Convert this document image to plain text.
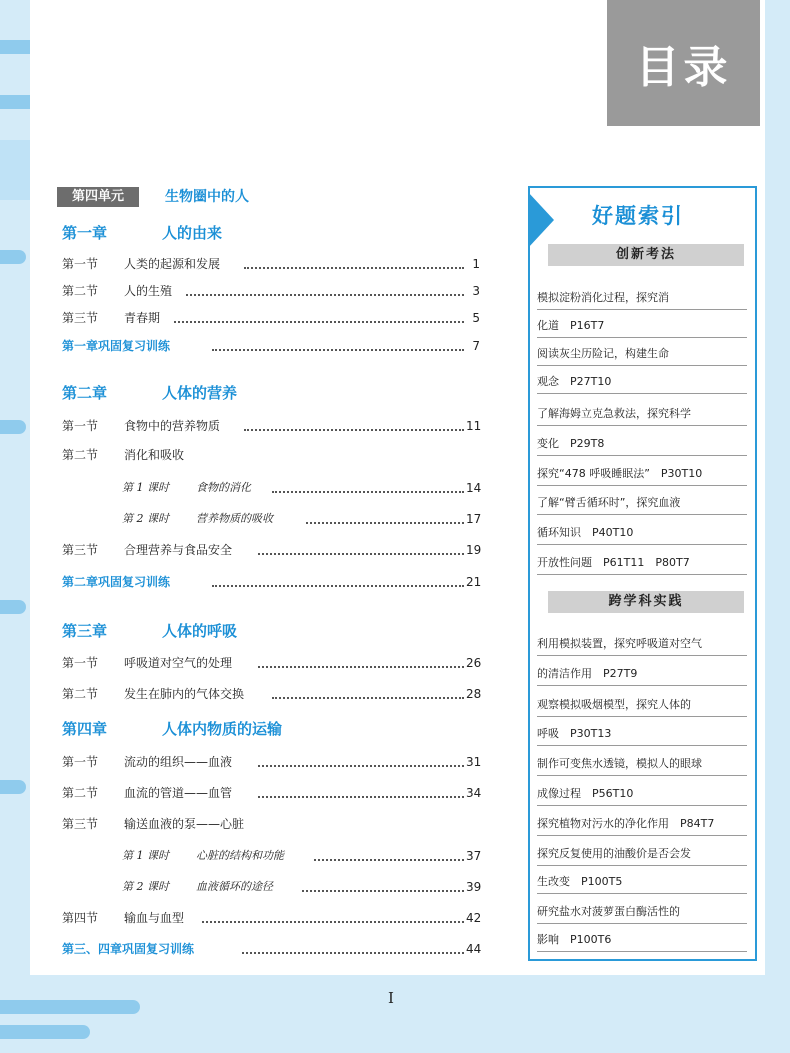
目录
第四单元	生物圈中的人
第一章	人的由来
第一节 人类的起源和发展	1
第二节 人的生殖	3
第三节 青春期	5
第一章巩固复习训练	7
第二章	人体的营养
第一节 食物中的营养物质	11
第二节 消化和吸收
第 1 课时 食物的消化	14
第 2 课时 营养物质的吸收	17
第三节 合理营养与食品安全	19
第二章巩固复习训练	21
第三章	人体的呼吸
第一节 呼吸道对空气的处理	26
第二节 发生在肺内的气体交换	28
第四章	人体内物质的运输
第一节 流动的组织——血液	31
第二节 血流的管道——血管	34
第三节 输送血液的泵——心脏
第 1 课时 心脏的结构和功能	37
第 2 课时 血液循环的途径	39
第四节 输血与血型	42
第三、四章巩固复习训练	44
好题索引
创新考法
模拟淀粉消化过程，探究消
化道　P16T7
阅读灰尘历险记，构建生命
观念　P27T10
了解海姆立克急救法，探究科学
变化　P29T8
探究“478 呼吸睡眠法”　P30T10
了解“臂舌循环时”，探究血液
循环知识　P40T10
开放性问题　P61T11　P80T7
跨学科实践
利用模拟装置，探究呼吸道对空气
的清洁作用　P27T9
观察模拟吸烟模型，探究人体的
呼吸　P30T13
制作可变焦水透镜，模拟人的眼球
成像过程　P56T10
探究植物对污水的净化作用　P84T7
探究反复使用的油酸价是否会发
生改变　P100T5
研究盐水对菠萝蛋白酶活性的
影响　P100T6
I
